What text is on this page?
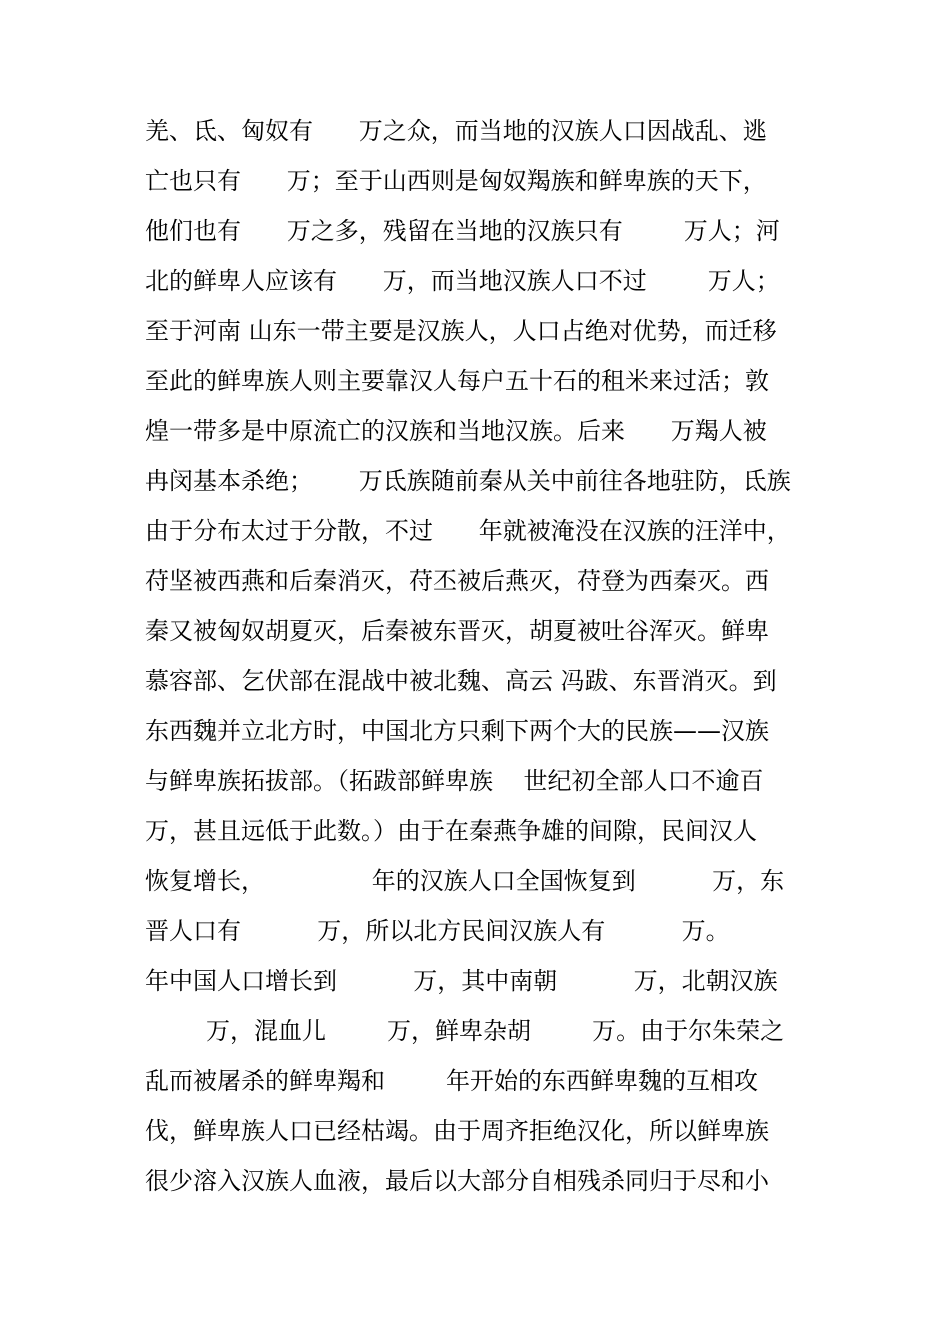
羌、氐、匈奴有      万之众，而当地的汉族人口因战乱、逃
亡也只有      万；至于山西则是匈奴羯族和鲜卑族的天下，
他们也有      万之多，残留在当地的汉族只有        万人；河
北的鲜卑人应该有      万，而当地汉族人口不过        万人；
至于河南 山东一带主要是汉族人，人口占绝对优势，而迁移
至此的鲜卑族人则主要靠汉人每户五十石的租米来过活；敦
煌一带多是中原流亡的汉族和当地汉族。后来      万羯人被
冉闵基本杀绝；      万氐族随前秦从关中前往各地驻防，氐族
由于分布太过于分散，不过      年就被淹没在汉族的汪洋中，
苻坚被西燕和后秦消灭，苻丕被后燕灭，苻登为西秦灭。西
秦又被匈奴胡夏灭，后秦被东晋灭，胡夏被吐谷浑灭。鲜卑
慕容部、乞伏部在混战中被北魏、高云 冯跋、东晋消灭。到
东西魏并立北方时，中国北方只剩下两个大的民族——汉族
与鲜卑族拓拔部。（拓跋部鲜卑族    世纪初全部人口不逾百
万，甚且远低于此数。）由于在秦燕争雄的间隙，民间汉人
恢复增长，              年的汉族人口全国恢复到          万，东
晋人口有          万，所以北方民间汉族人有          万。
年中国人口增长到          万，其中南朝          万，北朝汉族
万，混血儿        万，鲜卑杂胡        万。由于尔朱荣之
乱而被屠杀的鲜卑羯和        年开始的东西鲜卑魏的互相攻
伐，鲜卑族人口已经枯竭。由于周齐拒绝汉化，所以鲜卑族
很少溶入汉族人血液，最后以大部分自相残杀同归于尽和小
